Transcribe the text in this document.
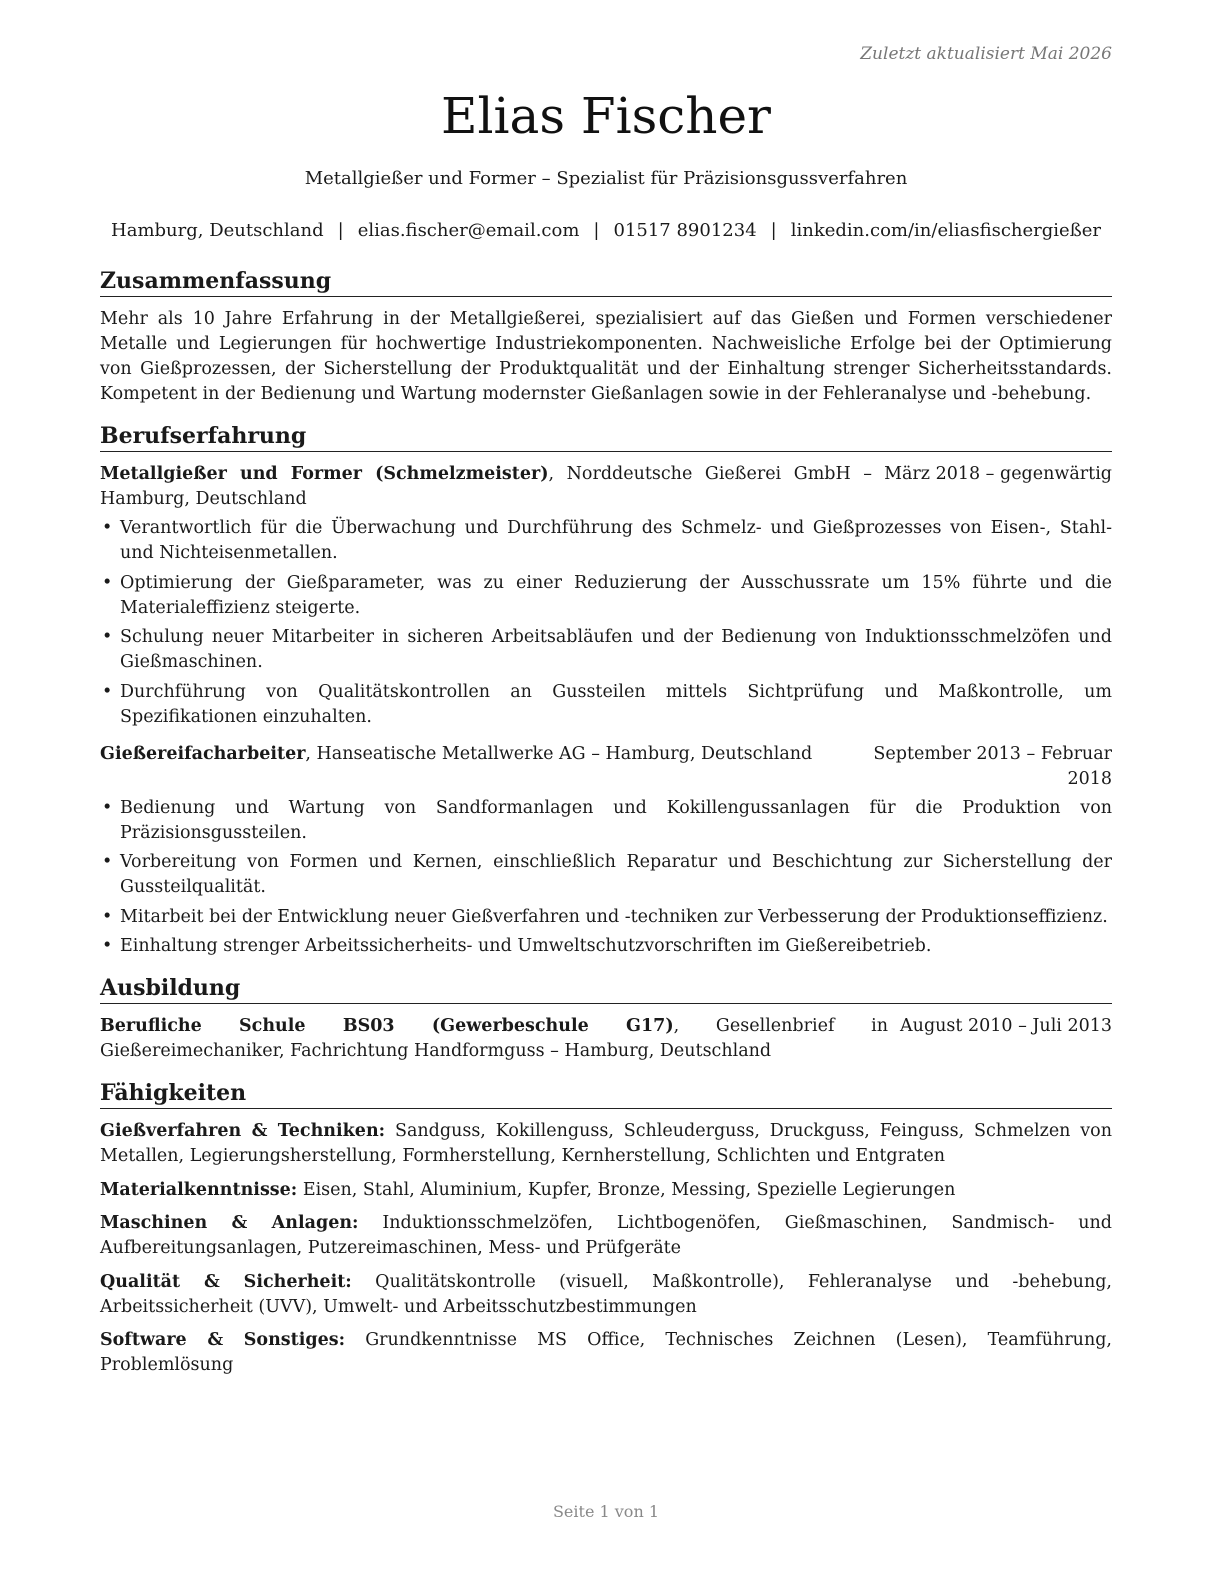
Zuletzt aktualisiert Mai 2026
Elias Fischer
Metallgießer und Former – Spezialist für Präzisionsgussverfahren
Hamburg, Deutschland | elias.fischer@email.com | 01517 8901234 | linkedin.com/in/eliasfischergießer
Zusammenfassung

Mehr als 10 Jahre Erfahrung in der Metallgießerei, spezialisiert auf das Gießen und Formen verschiedener Metalle und Legierungen für hochwertige Industriekomponenten. Nachweisliche Erfolge bei der Optimierung von Gießprozessen, der Sicherstellung der Produktqualität und der Einhaltung strenger Sicherheitsstandards. Kompetent in der Bedienung und Wartung modernster Gießanlagen sowie in der Fehleranalyse und -behebung.

Berufserfahrung
Metallgießer und Former (Schmelzmeister), Norddeutsche Gießerei GmbH – Hamburg, Deutschland
März 2018 – gegenwärtig
• Verantwortlich für die Überwachung und Durchführung des Schmelz- und Gießprozesses von Eisen-, Stahl- und Nichteisenmetallen.
• Optimierung der Gießparameter, was zu einer Reduzierung der Ausschussrate um 15% führte und die Materialeffizienz steigerte.
• Schulung neuer Mitarbeiter in sicheren Arbeitsabläufen und der Bedienung von Induktionsschmelzöfen und Gießmaschinen.
• Durchführung von Qualitätskontrollen an Gussteilen mittels Sichtprüfung und Maßkontrolle, um Spezifikationen einzuhalten.
Gießereifacharbeiter, Hanseatische Metallwerke AG – Hamburg, Deutschland	September 2013 – Februar 2018
• Bedienung und Wartung von Sandformanlagen und Kokillengussanlagen für die Produktion von Präzisionsgussteilen.
• Vorbereitung von Formen und Kernen, einschließlich Reparatur und Beschichtung zur Sicherstellung der Gussteilqualität.
• Mitarbeit bei der Entwicklung neuer Gießverfahren und -techniken zur Verbesserung der Produktionseffizienz.
• Einhaltung strenger Arbeitssicherheits- und Umweltschutzvorschriften im Gießereibetrieb.
Ausbildung
Berufliche Schule BS03 (Gewerbeschule G17), Gesellenbrief in Gießereimechaniker, Fachrichtung Handformguss – Hamburg, Deutschland
August 2010 – Juli 2013
Fähigkeiten
Gießverfahren & Techniken: Sandguss, Kokillenguss, Schleuderguss, Druckguss, Feinguss, Schmelzen von Metallen, Legierungsherstellung, Formherstellung, Kernherstellung, Schlichten und Entgraten
Materialkenntnisse: Eisen, Stahl, Aluminium, Kupfer, Bronze, Messing, Spezielle Legierungen
Maschinen & Anlagen: Induktionsschmelzöfen, Lichtbogenöfen, Gießmaschinen, Sandmisch- und Aufbereitungsanlagen, Putzereimaschinen, Mess- und Prüfgeräte
Qualität & Sicherheit: Qualitätskontrolle (visuell, Maßkontrolle), Fehleranalyse und -behebung, Arbeitssicherheit (UVV), Umwelt- und Arbeitsschutzbestimmungen
Software & Sonstiges: Grundkenntnisse MS Office, Technisches Zeichnen (Lesen), Teamführung, Problemlösung
Seite 1 von 1
